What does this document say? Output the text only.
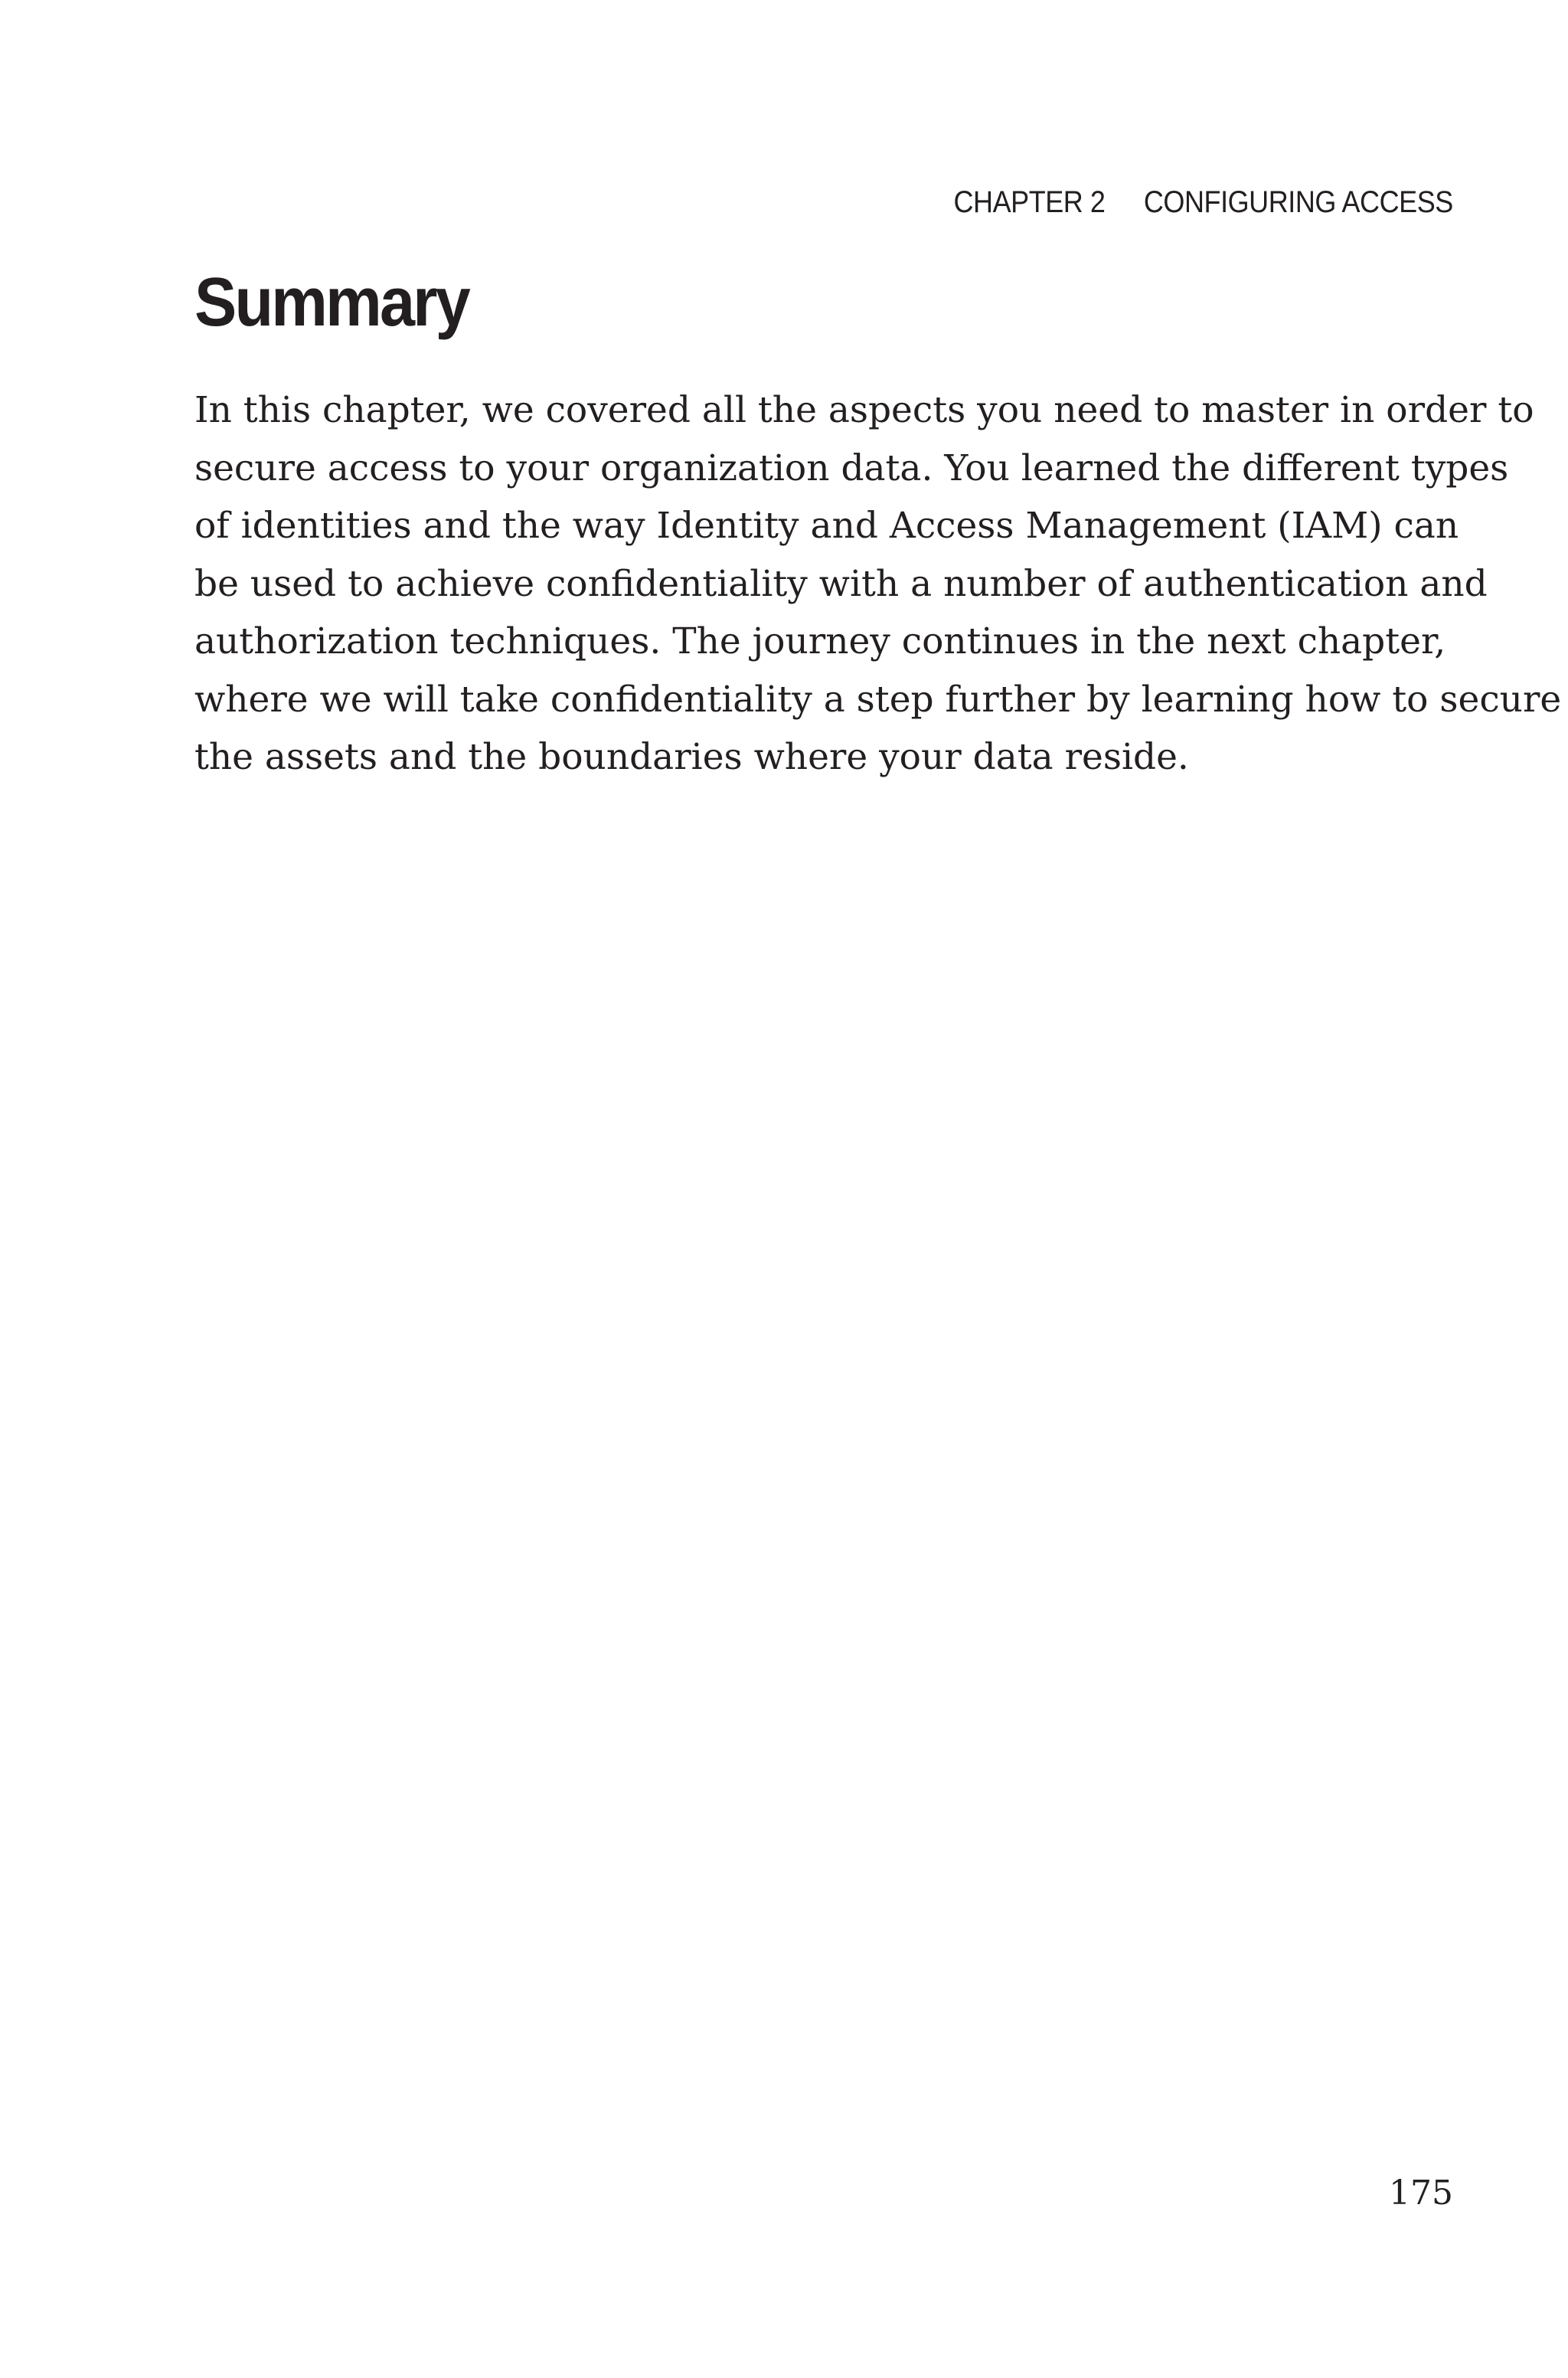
CHAPTER 2 CONFIGURING ACCESS
Summary

In this chapter, we covered all the aspects you need to master in order to
secure access to your organization data. You learned the different types
of identities and the way Identity and Access Management (IAM) can
be used to achieve confidentiality with a number of authentication and
authorization techniques. The journey continues in the next chapter,
where we will take confidentiality a step further by learning how to secure
the assets and the boundaries where your data reside.

175
